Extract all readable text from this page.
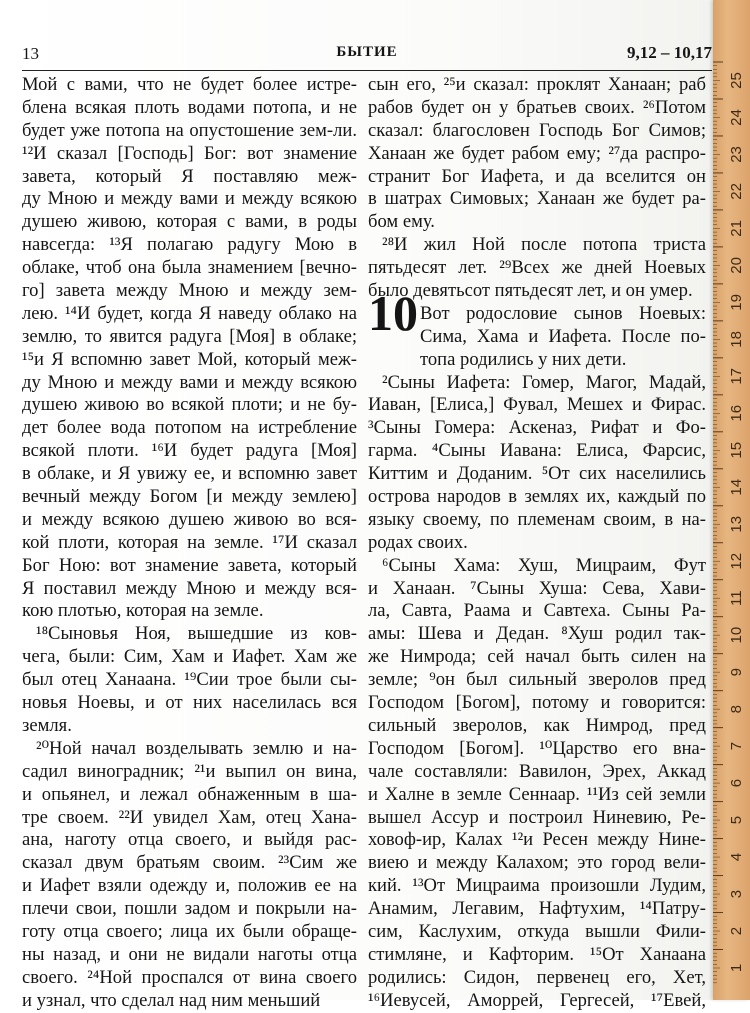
13	БЫТИЕ	9,12 – 10,17
Мой с вами, что не будет более истре-
блена всякая плоть водами потопа, и не
будет уже потопа на опустошение зем-ли.
¹²И сказал [Господь] Бог: вот знамение
завета, который Я поставляю меж-
ду Мною и между вами и между всякою
душею живою, которая с вами, в роды
навсегда: ¹³Я полагаю радугу Мою в
облаке, чтоб она была знамением [вечно-
го] завета между Мною и между зем-
лею. ¹⁴И будет, когда Я наведу облако на
землю, то явится радуга [Моя] в облаке;
¹⁵и Я вспомню завет Мой, который меж-
ду Мною и между вами и между всякою
душею живою во всякой плоти; и не бу-
дет более вода потопом на истребление
всякой плоти. ¹⁶И будет радуга [Моя]
в облаке, и Я увижу ее, и вспомню завет
вечный между Богом [и между землею]
и между всякою душею живою во вся-
кой плоти, которая на земле. ¹⁷И сказал
Бог Ною: вот знамение завета, который
Я поставил между Мною и между вся-
кою плотью, которая на земле.
¹⁸Сыновья Ноя, вышедшие из ков-
чега, были: Сим, Хам и Иафет. Хам же
был отец Ханаана. ¹⁹Сии трое были сы-
новья Ноевы, и от них населилась вся
земля.
²⁰Ной начал возделывать землю и на-
садил виноградник; ²¹и выпил он вина,
и опьянел, и лежал обнаженным в ша-
тре своем. ²²И увидел Хам, отец Хана-
ана, наготу отца своего, и выйдя рас-
сказал двум братьям своим. ²³Сим же
и Иафет взяли одежду и, положив ее на
плечи свои, пошли задом и покрыли на-
готу отца своего; лица их были обраще-
ны назад, и они не видали наготы отца
своего. ²⁴Ной проспался от вина своего
и узнал, что сделал над ним меньший
10
сын его, ²⁵и сказал: проклят Ханаан; раб
рабов будет он у братьев своих. ²⁶Потом
сказал: благословен Господь Бог Симов;
Ханаан же будет рабом ему; ²⁷да распро-
странит Бог Иафета, и да вселится он
в шатрах Симовых; Ханаан же будет ра-
бом ему.
²⁸И жил Ной после потопа триста
пятьдесят лет. ²⁹Всех же дней Ноевых
было девятьсот пятьдесят лет, и он умер.
Вот родословие сынов Ноевых:
Сима, Хама и Иафета. После по-
топа родились у них дети.
²Сыны Иафета: Гомер, Магог, Мадай,
Иаван, [Елиса,] Фувал, Мешех и Фирас.
³Сыны Гомера: Аскеназ, Рифат и Фо-
гарма. ⁴Сыны Иавана: Елиса, Фарсис,
Киттим и Доданим. ⁵От сих населились
острова народов в землях их, каждый по
языку своему, по племенам своим, в на-
родах своих.
⁶Сыны Хама: Хуш, Мицраим, Фут
и Ханаан. ⁷Сыны Хуша: Сева, Хави-
ла, Савта, Раама и Савтеха. Сыны Ра-
амы: Шева и Дедан. ⁸Хуш родил так-
же Нимрода; сей начал быть силен на
земле; ⁹он был сильный зверолов пред
Господом [Богом], потому и говорится:
сильный зверолов, как Нимрод, пред
Господом [Богом]. ¹⁰Царство его вна-
чале составляли: Вавилон, Эрех, Аккад
и Халне в земле Сеннаар. ¹¹Из сей земли
вышел Ассур и построил Ниневию, Ре-
ховоф-ир, Калах ¹²и Ресен между Нине-
виею и между Калахом; это город вели-
кий. ¹³От Мицраима произошли Лудим,
Анамим, Легавим, Нафтухим, ¹⁴Патру-
сим, Каслухим, откуда вышли Фили-
стимляне, и Кафторим. ¹⁵От Ханаана
родились: Сидон, первенец его, Хет,
¹⁶Иевусей, Аморрей, Гергесей, ¹⁷Евей,
25
24
23
22
21
20
19
18
17
16
15
14
13
12
11
10
9
8
7
6
5
4
3
2
1
